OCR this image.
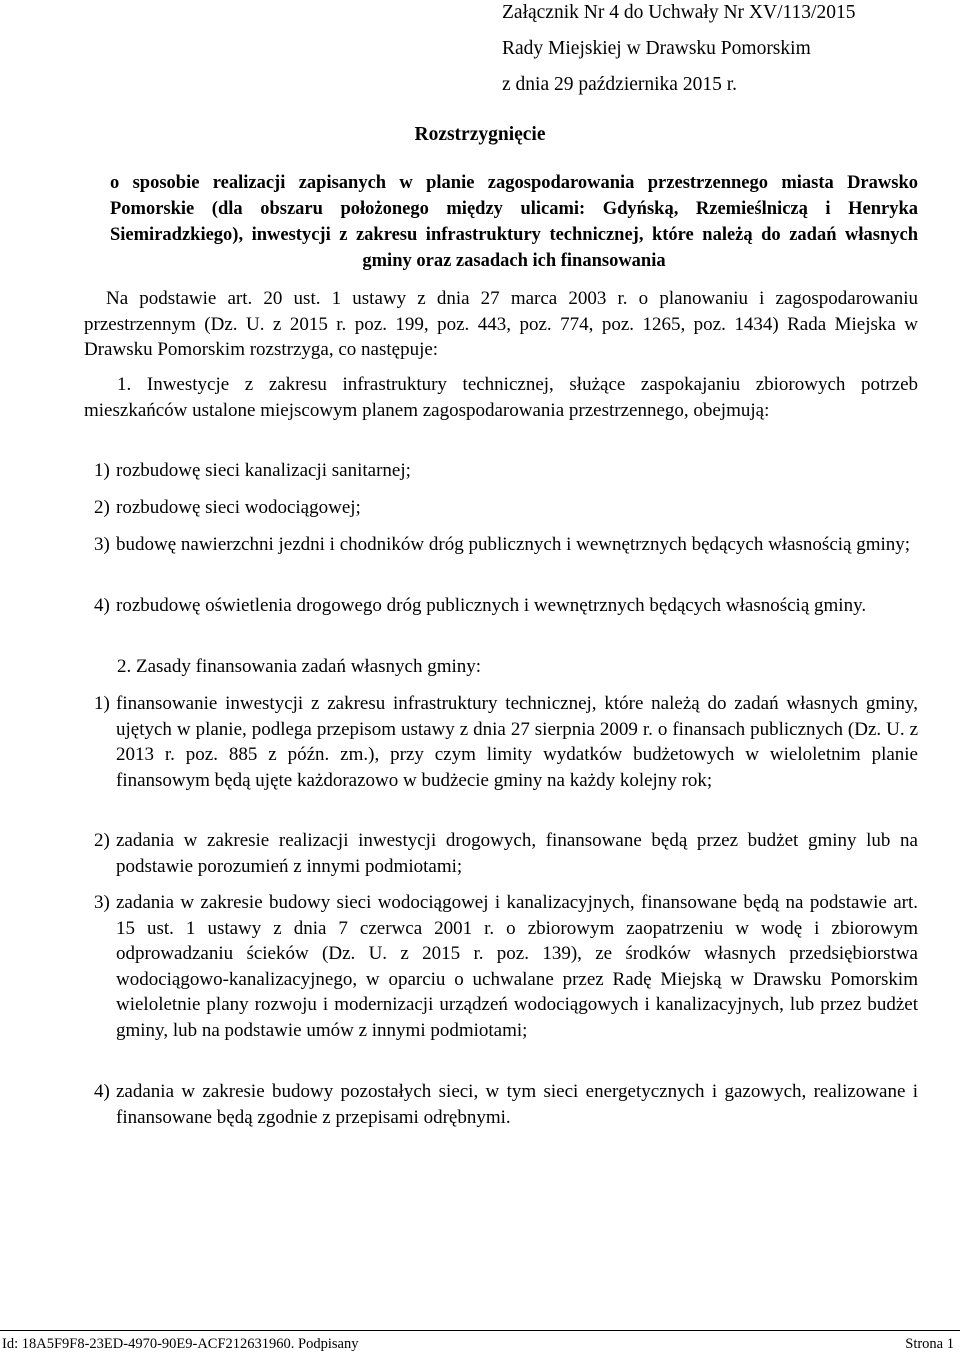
Załącznik Nr 4 do Uchwały Nr XV/113/2015
Rady Miejskiej w Drawsku Pomorskim
z dnia 29 października 2015 r.
Rozstrzygnięcie
o sposobie realizacji zapisanych w planie zagospodarowania przestrzennego miasta Drawsko Pomorskie (dla obszaru położonego między ulicami: Gdyńską, Rzemieślniczą i Henryka Siemiradzkiego), inwestycji z zakresu infrastruktury technicznej, które należą do zadań własnych gminy oraz zasadach ich finansowania
Na podstawie art. 20 ust. 1 ustawy z dnia 27 marca 2003 r. o planowaniu i zagospodarowaniu przestrzennym (Dz. U. z 2015 r. poz. 199, poz. 443, poz. 774, poz. 1265, poz. 1434) Rada Miejska w Drawsku Pomorskim rozstrzyga, co następuje:
1. Inwestycje z zakresu infrastruktury technicznej, służące zaspokajaniu zbiorowych potrzeb mieszkańców ustalone miejscowym planem zagospodarowania przestrzennego, obejmują:
1) rozbudowę sieci kanalizacji sanitarnej;
2) rozbudowę sieci wodociągowej;
3) budowę nawierzchni jezdni i chodników dróg publicznych i wewnętrznych będących własnością gminy;
4) rozbudowę oświetlenia drogowego dróg publicznych i wewnętrznych będących własnością gminy.
2. Zasady finansowania zadań własnych gminy:
1) finansowanie inwestycji z zakresu infrastruktury technicznej, które należą do zadań własnych gminy, ujętych w planie, podlega przepisom ustawy z dnia 27 sierpnia 2009 r. o finansach publicznych (Dz. U. z 2013 r. poz. 885 z późn. zm.), przy czym limity wydatków budżetowych w wieloletnim planie finansowym będą ujęte każdorazowo w budżecie gminy na każdy kolejny rok;
2) zadania w zakresie realizacji inwestycji drogowych, finansowane będą przez budżet gminy lub na podstawie porozumień z innymi podmiotami;
3) zadania w zakresie budowy sieci wodociągowej i kanalizacyjnych, finansowane będą na podstawie art. 15 ust. 1 ustawy z dnia 7 czerwca 2001 r. o zbiorowym zaopatrzeniu w wodę i zbiorowym odprowadzaniu ścieków (Dz. U. z 2015 r. poz. 139), ze środków własnych przedsiębiorstwa wodociągowo-kanalizacyjnego, w oparciu o uchwalane przez Radę Miejską w Drawsku Pomorskim wieloletnie plany rozwoju i modernizacji urządzeń wodociągowych i kanalizacyjnych, lub przez budżet gminy, lub na podstawie umów z innymi podmiotami;
4) zadania w zakresie budowy pozostałych sieci, w tym sieci energetycznych i gazowych, realizowane i finansowane będą zgodnie z przepisami odrębnymi.
Id: 18A5F9F8-23ED-4970-90E9-ACF212631960. Podpisany	Strona 1
